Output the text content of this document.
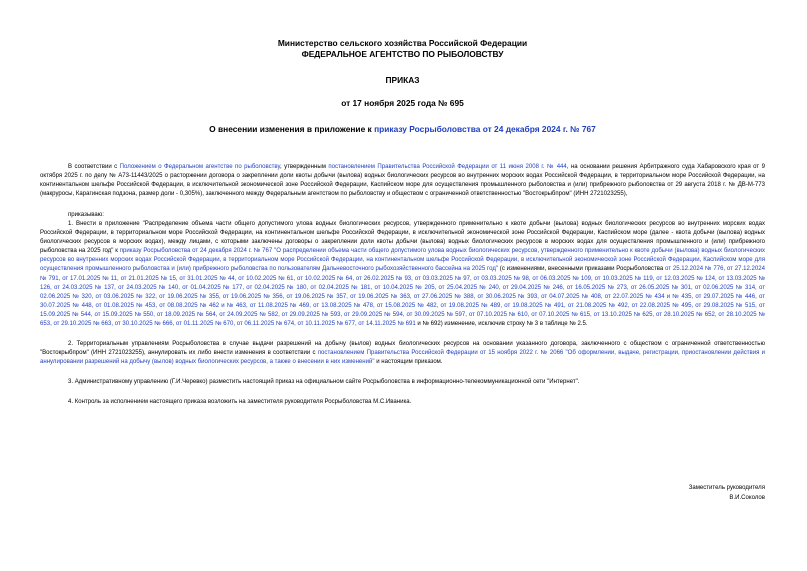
Министерство сельского хозяйства Российской Федерации
ФЕДЕРАЛЬНОЕ АГЕНТСТВО ПО РЫБОЛОВСТВУ
ПРИКАЗ
от 17 ноября 2025 года № 695
О внесении изменения в приложение к приказу Росрыболовства от 24 декабря 2024 г. № 767
В соответствии с Положением о Федеральном агентстве по рыболовству, утвержденным постановлением Правительства Российской Федерации от 11 июня 2008 г. № 444, на основании решения Арбитражного суда Хабаровского края от 9 октября 2025 г. по делу № А73-11443/2025 о расторжении договора о закреплении доли квоты добычи (вылова) водных биологических ресурсов во внутренних морских водах Российской Федерации, в территориальном море Российской Федерации, на континентальном шельфе Российской Федерации, в исключительной экономической зоне Российской Федерации, Каспийском море для осуществления промышленного рыболовства и (или) прибрежного рыболовства от 29 августа 2018 г. № ДВ-М-773 (макруросы, Карагинская подзона, размер доли - 0,305%), заключенного между Федеральным агентством по рыболовству и обществом с ограниченной ответственностью "Востокрыбпром" (ИНН 2721023255),
приказываю:
1. Внести в приложение "Распределение объема части общего допустимого улова водных биологических ресурсов, утвержденного применительно к квоте добычи (вылова) водных биологических ресурсов во внутренних морских водах Российской Федерации, в территориальном море Российской Федерации, на континентальном шельфе Российской Федерации, в исключительной экономической зоне Российской Федерации, Каспийском море (далее - квота добычи (вылова) водных биологических ресурсов в морских водах), между лицами, с которыми заключены договоры о закреплении доли квоты добычи (вылова) водных биологических ресурсов в морских водах для осуществления промышленного и (или) прибрежного рыболовства на 2025 год" к приказу Росрыболовства от 24 декабря 2024 г. № 767 "О распределении объема части общего допустимого улова водных биологических ресурсов, утвержденного применительно к квоте добычи (вылова) водных биологических ресурсов во внутренних морских водах Российской Федерации, в территориальном море Российской Федерации, на континентальном шельфе Российской Федерации, в исключительной экономической зоне Российской Федерации, Каспийском море для осуществления промышленного рыболовства и (или) прибрежного рыболовства по пользователям Дальневосточного рыбохозяйственного бассейна на 2025 год" (с изменениями, внесенными приказами Росрыболовства от 25.12.2024 № 776, от 27.12.2024 № 791, от 17.01.2025 № 11, от 21.01.2025 № 15, от 31.01.2025 № 44, от 10.02.2025 № 61, от 10.02.2025 № 64, от 26.02.2025 № 93, от 03.03.2025 № 97, от 03.03.2025 № 98, от 06.03.2025 № 109, от 10.03.2025 № 119, от 12.03.2025 № 124, от 13.03.2025 № 126, от 24.03.2025 № 137, от 24.03.2025 № 140, от 01.04.2025 № 177, от 02.04.2025 № 180, от 02.04.2025 № 181, от 10.04.2025 № 205, от 25.04.2025 № 240, от 29.04.2025 № 246, от 16.05.2025 № 273, от 26.05.2025 № 301, от 02.06.2025 № 314, от 02.06.2025 № 320, от 03.06.2025 № 322, от 19.06.2025 № 355, от 19.06.2025 № 356, от 19.06.2025 № 357, от 19.06.2025 № 363, от 27.06.2025 № 388, от 30.06.2025 № 393, от 04.07.2025 № 408, от 22.07.2025 № 434 и № 435, от 29.07.2025 № 446, от 30.07.2025 № 448, от 01.08.2025 № 453, от 08.08.2025 № 462 и № 463, от 11.08.2025 № 469, от 13.08.2025 № 478, от 15.08.2025 № 482, от 19.08.2025 № 489, от 19.08.2025 № 491, от 21.08.2025 № 492, от 22.08.2025 № 495, от 29.08.2025 № 515, от 15.09.2025 № 544, от 15.09.2025 № 550, от 18.09.2025 № 564, от 24.09.2025 № 582, от 29.09.2025 № 593, от 29.09.2025 № 594, от 30.09.2025 № 597, от 07.10.2025 № 610, от 07.10.2025 № 615, от 13.10.2025 № 625, от 28.10.2025 № 652, от 28.10.2025 № 653, от 29.10.2025 № 663, от 30.10.2025 № 666, от 01.11.2025 № 670, от 06.11.2025 № 674, от 10.11.2025 № 677, от 14.11.2025 № 691 и № 692) изменение, исключив строку № 3 в таблице № 2.5.
2. Территориальным управлениям Росрыболовства в случае выдачи разрешений на добычу (вылов) водных биологических ресурсов на основании указанного договора, заключенного с обществом с ограниченной ответственностью "Востокрыбпром" (ИНН 2721023255), аннулировать их либо внести изменения в соответствии с постановлением Правительства Российской Федерации от 15 ноября 2022 г. № 2066 "Об оформлении, выдаче, регистрации, приостановлении действия и аннулировании разрешений на добычу (вылов) водных биологических ресурсов, а также о внесении в них изменений" и настоящим приказом.
3. Административному управлению (Г.И.Черевко) разместить настоящий приказ на официальном сайте Росрыболовства в информационно-телекоммуникационной сети "Интернет".
4. Контроль за исполнением настоящего приказа возложить на заместителя руководителя Росрыболовства М.С.Иваника.
Заместитель руководителя
В.И.Соколов
